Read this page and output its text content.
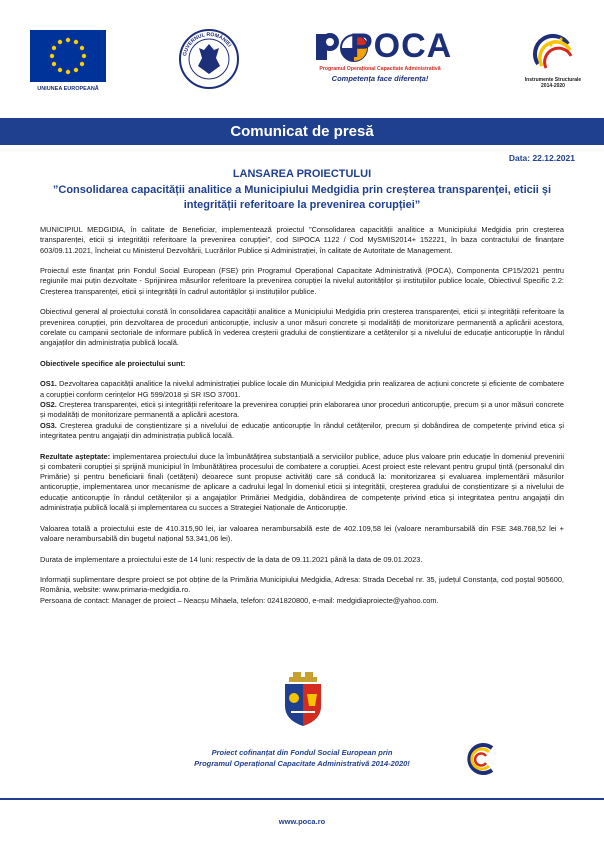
UNIUNEA EUROPEANĂ
GUVERNUL ROMÂNIEI	POCA
Programul Operațional Capacitate Administrativă
Competența face diferența!	Instrumente Structurale
2014-2020
Comunicat de presă
Data: 22.12.2021
LANSAREA PROIECTULUI
”Consolidarea capacității analitice a Municipiului Medgidia prin creșterea transparenței, eticii și integrității referitoare la prevenirea corupției”

MUNICIPIUL MEDGIDIA, în calitate de Beneficiar, implementează proiectul ”Consolidarea capacității analitice a Municipiului Medgidia prin creșterea transparenței, eticii și integrității referitoare la prevenirea corupției”, cod SIPOCA 1122 / Cod MySMIS2014+ 152221, în baza contractului de finanțare 603/09.11.2021, încheiat cu Ministerul Dezvoltării, Lucrărilor Publice și Administrației, în calitate de Autoritate de Management.

Proiectul este finanțat prin Fondul Social European (FSE) prin Programul Operațional Capacitate Administrativă (POCA), Componenta CP15/2021 pentru regiunile mai puțin dezvoltate - Sprijinirea măsurilor referitoare la prevenirea corupției la nivelul autorităților și instituțiilor publice locale, Obiectivul Specific 2.2: Creșterea transparenței, eticii și integrității în cadrul autorităților și instituțiilor publice.

Obiectivul general al proiectului constă în consolidarea capacității analitice a Municipiului Medgidia prin creșterea transparenței, eticii și integrității referitoare la prevenirea corupției, prin dezvoltarea de proceduri anticorupție, inclusiv a unor măsuri concrete și modalități de monitorizare permanentă a aplicării acestora, corelate cu campanii sectoriale de informare publică în vederea creșterii gradului de conștientizare a cetățenilor și a nivelului de educație anticorupție în rândul angajaților din administrația publică locală.

Obiectivele specifice ale proiectului sunt:

OS1. Dezvoltarea capacității analitice la nivelul administrației publice locale din Municipiul Medgidia prin realizarea de acțiuni concrete și eficiente de combatere a corupției conform cerințelor HG 599/2018 și SR ISO 37001.

OS2. Creșterea transparenței, eticii și integrității referitoare la prevenirea corupției prin elaborarea unor proceduri anticorupție, precum și a unor măsuri concrete și modalități de monitorizare permanentă a aplicării acestora.

OS3. Creșterea gradului de conștientizare și a nivelului de educație anticorupție în rândul cetățenilor, precum și dobândirea de competențe privind etica și integritatea pentru angajații din administrația publică locală.

Rezultate așteptate: implementarea proiectului duce la îmbunătățirea substanțială a serviciilor publice, aduce plus valoare prin educație în domeniul prevenirii și combaterii corupției și sprijină municipiul în îmbunătățirea procesului de combatere a corupției. Acest proiect este relevant pentru grupul țintă (personalul din Primărie) și pentru beneficiarii finali (cetățeni) deoarece sunt propuse activități care să conducă la: monitorizarea și evaluarea implementării măsurilor anticorupție, implementarea unor mecanisme de aplicare a cadrului legal în domeniul eticii și integrității, creșterea gradului de conștientizare și a nivelului de educație anticorupție în rândul cetățenilor și a angajaților Primăriei Medgidia, dobândirea de competențe privind etica și integritatea pentru angajații din administrația publică locală și implementarea cu succes a Strategiei Naționale de Anticorupție.

Valoarea totală a proiectului este de 410.315,90 lei, iar valoarea nerambursabilă este de 402.109,58 lei (valoare nerambursabilă din FSE 348.768,52 lei + valoare nerambursabilă din bugetul național 53.341,06 lei).

Durata de implementare a proiectului este de 14 luni: respectiv de la data de 09.11.2021 până la data de 09.01.2023.

Informații suplimentare despre proiect se pot obține de la Primăria Municipiului Medgidia, Adresa: Strada Decebal nr. 35, județul Constanța, cod poștal 905600, România, website: www.primaria-medgidia.ro.

Persoana de contact: Manager de proiect – Neacșu Mihaela, telefon: 0241820800, e-mail: medgidiaproiecte@yahoo.com.

Proiect cofinanțat din Fondul Social European prin
Programul Operațional Capacitate Administrativă 2014-2020!
www.poca.ro
